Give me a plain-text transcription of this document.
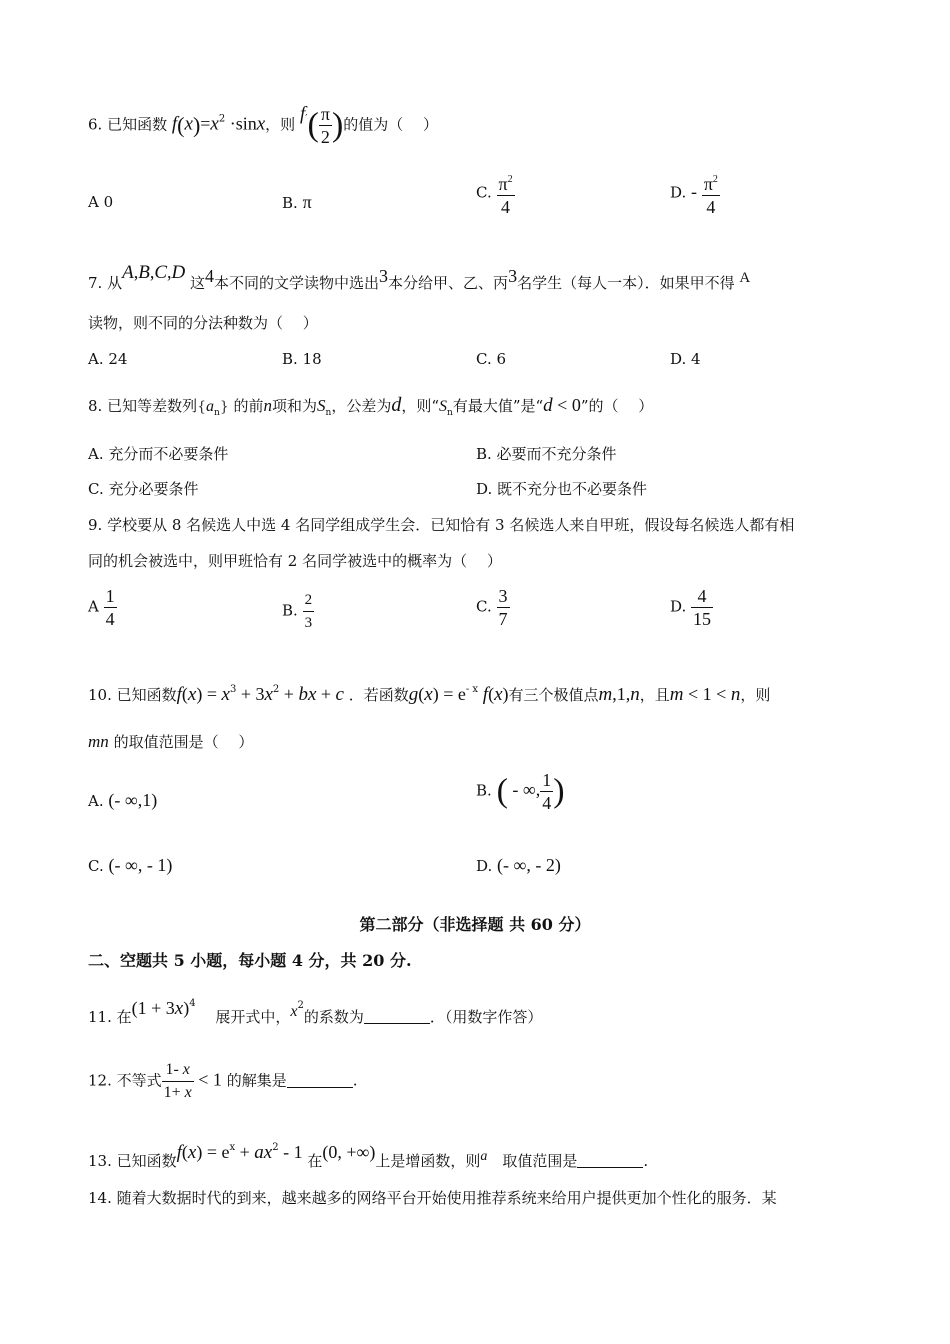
6. 已知函数 $f(x)=x^2 \cdot\sin x$，则 $f'( \frac{\pi}{2}$ )的值为（　 ）
A 0	B. π	C. $\frac{\pi^2}{4}$	D. - $\frac{\pi^2}{4}$
7. 从A,B,C,D 这4本不同的文学读物中选出3本分给甲、乙、丙3名学生（每人一本）．如果甲不得 A
读物，则不同的分法种数为（　 ）
A. 24	B. 18	C. 6	D. 4
8. 已知等差数列$\{a_n\}$ 的前n项和为$S_n$，公差为d，则“$S_n$有最大值”是“d < 0”的（　 ）
A. 充分而不必要条件	B. 必要而不充分条件
C. 充分必要条件	D. 既不充分也不必要条件
9. 学校要从 8 名候选人中选 4 名同学组成学生会．已知恰有 3 名候选人来自甲班，假设每名候选人都有相
同的机会被选中，则甲班恰有 2 名同学被选中的概率为（　 ）
A $\frac{1}{4}$	B. $\frac{2}{3}$	C. $\frac{3}{7}$	D. $\frac{4}{15}$
10. 已知函数$f(x) = x^3 + 3x^2$ + bx + c ．若函数$g(x) = e^{- x}$ f(x)有三个极值点m,1,n，且m < 1 < n，则
mn 的取值范围是（　 ）
A. (- ∞,1)	B. ( - ∞, $\frac{1}{4}$ )
C. (- ∞, - 1)	D. (- ∞, - 2)
第二部分（非选择题 共 60 分）
二、空题共 5 小题，每小题 4 分，共 20 分.
11. 在$(1 + 3x)^4$ 　展开式中，$x^2$的系数为	．（用数字作答）
12. 不等式 $\frac{1- x}{1+ x} < 1$ 的解集是	.
13. 已知函数$f(x) = e^x + ax^2 - 1$ 在(0, +∞)上是增函数，则a　取值范围是	.
14. 随着大数据时代的到来，越来越多的网络平台开始使用推荐系统来给用户提供更加个性化的服务．某
